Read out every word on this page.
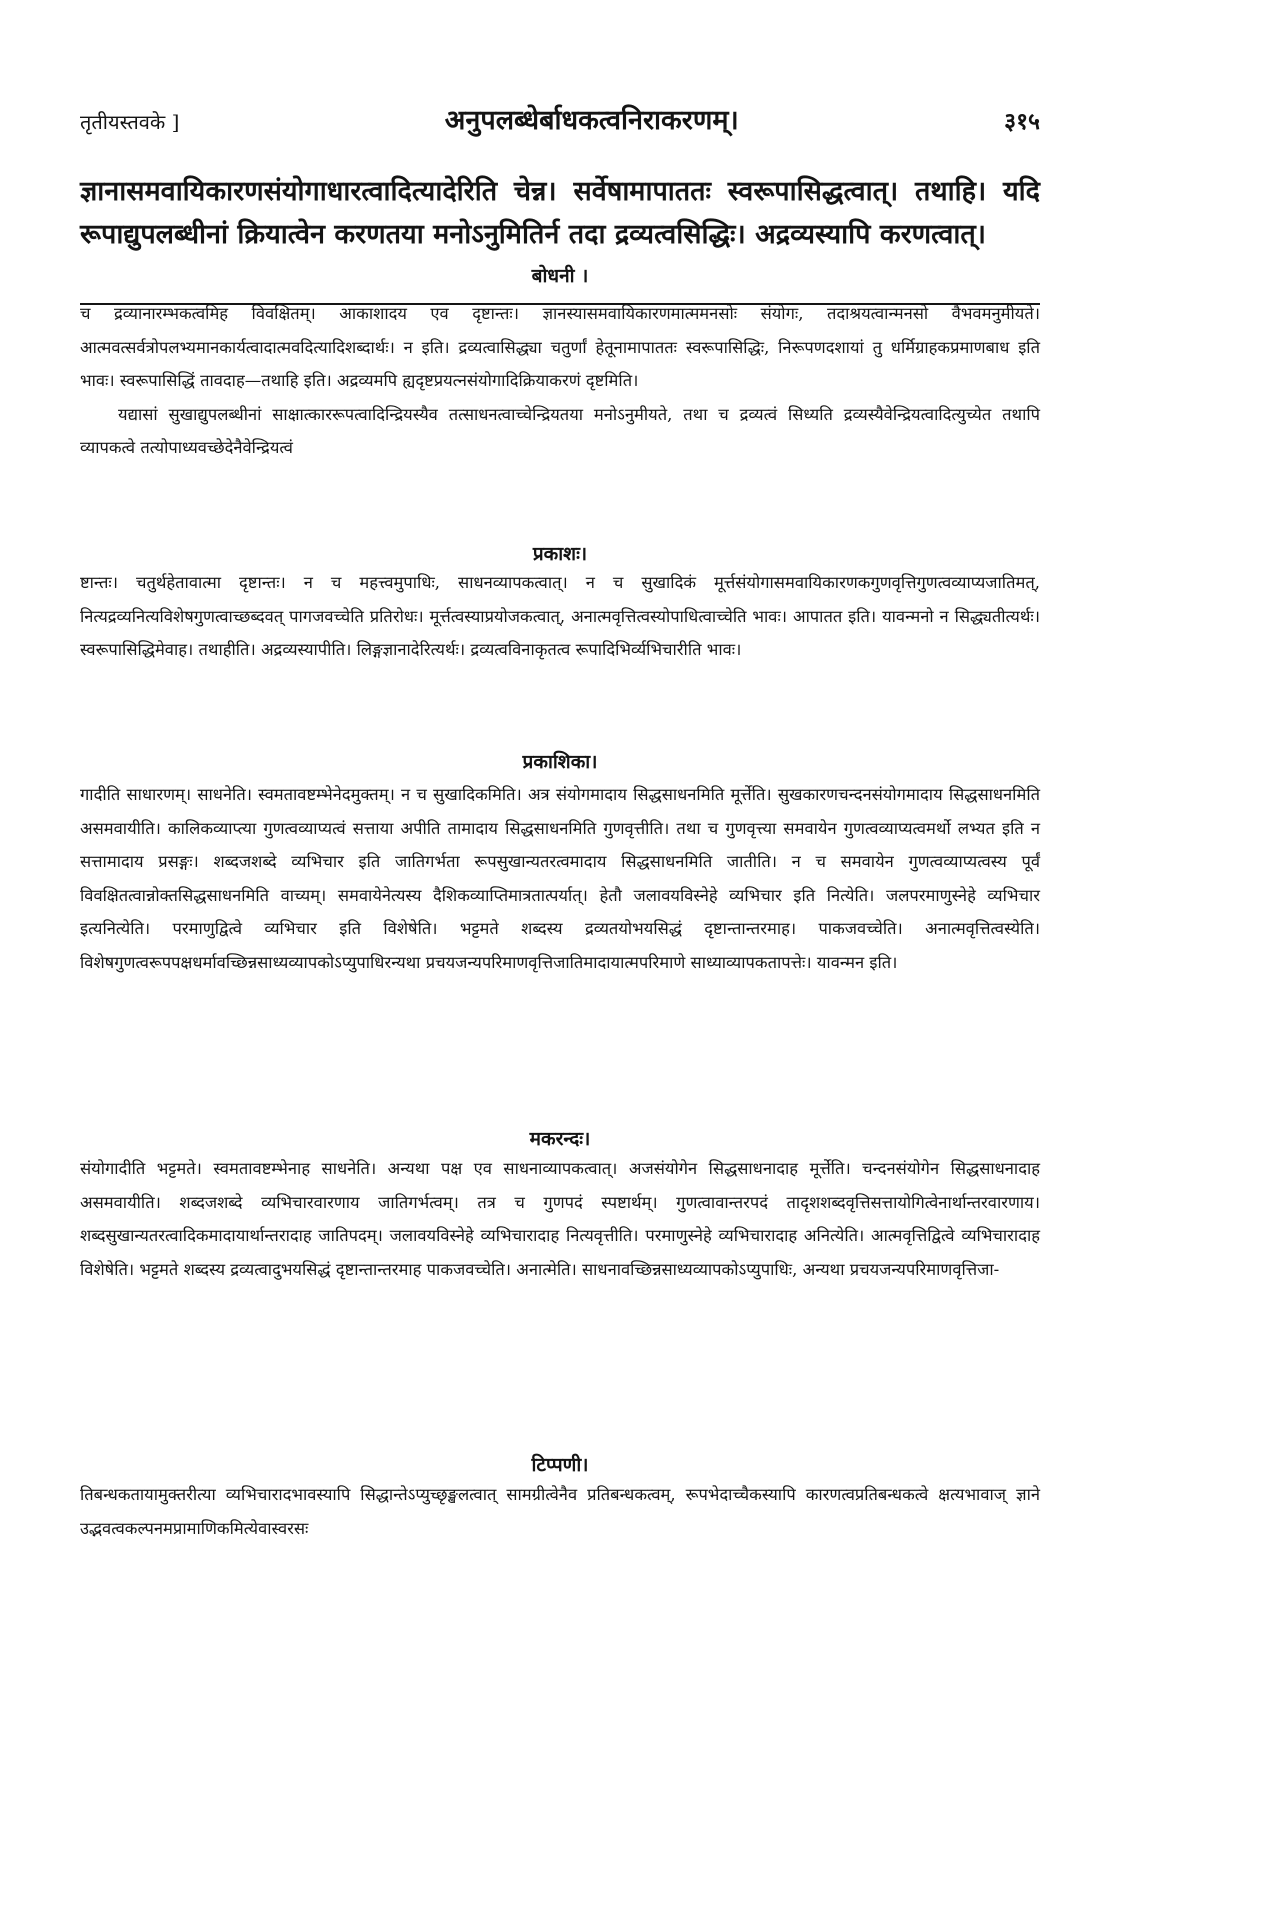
तृतीयस्तवके ]	अनुपलब्धेर्बाधकत्वनिराकरणम्।	३१५
ज्ञानासमवायिकारणसंयोगाधारत्वादित्यादेरिति चेन्न। सर्वेषामापाततः स्वरूपासिद्धत्वात्। तथाहि। यदि रूपाद्युपलब्धीनां क्रियात्वेन करणतया मनोऽनुमितिर्न तदा द्रव्यत्वसिद्धिः। अद्रव्यस्यापि करणत्वात्।
बोधनी ।

च द्रव्यानारम्भकत्वमिह विवक्षितम्। आकाशादय एव दृष्टान्तः। ज्ञानस्यासमवायिकारणमात्ममनसोः संयोगः, तदाश्रयत्वान्मनसो वैभवमनुमीयते। आत्मवत्सर्वत्रोपलभ्यमानकार्यत्वादात्मवदित्यादिशब्दार्थः। न इति। द्रव्यत्वासिद्ध्या चतुर्णां हेतूनामापाततः स्वरूपासिद्धिः, निरूपणदशायां तु धर्मिग्राहकप्रमाणबाध इति भावः। स्वरूपासिद्धिं तावदाह—तथाहि इति। अद्रव्यमपि ह्यदृष्टप्रयत्नसंयोगादिक्रियाकरणं दृष्टमिति।

यद्यासां सुखाद्युपलब्धीनां साक्षात्काररूपत्वादिन्द्रियस्यैव तत्साधनत्वाच्चेन्द्रियतया मनोऽनुमीयते, तथा च द्रव्यत्वं सिध्यति द्रव्यस्यैवेन्द्रियत्वादित्युच्येत तथापि व्यापकत्वे तत्योपाध्यवच्छेदेनैवेन्द्रियत्वं

प्रकाशः।

ष्टान्तः। चतुर्थहेतावात्मा दृष्टान्तः। न च महत्त्वमुपाधिः, साधनव्यापकत्वात्। न च सुखादिकं मूर्त्तसंयोगासमवायिकारणकगुणवृत्तिगुणत्वव्याप्यजातिमत्, नित्यद्रव्यनित्यविशेषगुणत्वाच्छब्दवत् पागजवच्चेति प्रतिरोधः। मूर्त्तत्वस्याप्रयोजकत्वात्, अनात्मवृत्तित्वस्योपाधित्वाच्चेति भावः। आपातत इति। यावन्मनो न सिद्ध्यतीत्यर्थः। स्वरूपासिद्धिमेवाह। तथाहीति। अद्रव्यस्यापीति। लिङ्गज्ञानादेरित्यर्थः। द्रव्यत्वविनाकृतत्व रूपादिभिर्व्यभिचारीति भावः।

प्रकाशिका।

गादीति साधारणम्। साधनेति। स्वमतावष्टम्भेनेदमुक्तम्। न च सुखादिकमिति। अत्र संयोगमादाय सिद्धसाधनमिति मूर्त्तेति। सुखकारणचन्दनसंयोगमादाय सिद्धसाधनमिति असमवायीति। कालिकव्याप्त्या गुणत्वव्याप्यत्वं सत्ताया अपीति तामादाय सिद्धसाधनमिति गुणवृत्तीति। तथा च गुणवृत्त्या समवायेन गुणत्वव्याप्यत्वमर्थो लभ्यत इति न सत्तामादाय प्रसङ्गः। शब्दजशब्दे व्यभिचार इति जातिगर्भता रूपसुखान्यतरत्वमादाय सिद्धसाधनमिति जातीति। न च समवायेन गुणत्वव्याप्यत्वस्य पूर्वं विवक्षितत्वान्नोक्तसिद्धसाधनमिति वाच्यम्। समवायेनेत्यस्य दैशिकव्याप्तिमात्रतात्पर्यात्। हेतौ जलावयविस्नेहे व्यभिचार इति नित्येति। जलपरमाणुस्नेहे व्यभिचार इत्यनित्येति। परमाणुद्वित्वे व्यभिचार इति विशेषेति। भट्टमते शब्दस्य द्रव्यतयोभयसिद्धं दृष्टान्तान्तरमाह। पाकजवच्चेति। अनात्मवृत्तित्वस्येति। विशेषगुणत्वरूपपक्षधर्मावच्छिन्नसाध्यव्यापकोऽप्युपाधिरन्यथा प्रचयजन्यपरिमाणवृत्तिजातिमादायात्मपरिमाणे साध्याव्यापकतापत्तेः। यावन्मन इति।

मकरन्दः।

संयोगादीति भट्टमते। स्वमतावष्टम्भेनाह साधनेति। अन्यथा पक्ष एव साधनाव्यापकत्वात्। अजसंयोगेन सिद्धसाधनादाह मूर्त्तेति। चन्दनसंयोगेन सिद्धसाधनादाह असमवायीति। शब्दजशब्दे व्यभिचारवारणाय जातिगर्भत्वम्। तत्र च गुणपदं स्पष्टार्थम्। गुणत्वावान्तरपदं तादृशशब्दवृत्तिसत्तायोगित्वेनार्थान्तरवारणाय। शब्दसुखान्यतरत्वादिकमादायार्थान्तरादाह जातिपदम्। जलावयविस्नेहे व्यभिचारादाह नित्यवृत्तीति। परमाणुस्नेहे व्यभिचारादाह अनित्येति। आत्मवृत्तिद्वित्वे व्यभिचारादाह विशेषेति। भट्टमते शब्दस्य द्रव्यत्वादुभयसिद्धं दृष्टान्तान्तरमाह पाकजवच्चेति। अनात्मेति। साधनावच्छिन्नसाध्यव्यापकोऽप्युपाधिः, अन्यथा प्रचयजन्यपरिमाणवृत्तिजा-

टिप्पणी।

तिबन्धकतायामुक्तरीत्या व्यभिचारादभावस्यापि सिद्धान्तेऽप्युच्छृङ्खलत्वात् सामग्रीत्वेनैव प्रतिबन्धकत्वम्, रूपभेदाच्चैकस्यापि कारणत्वप्रतिबन्धकत्वे क्षत्यभावाज् ज्ञाने उद्भवत्वकल्पनमप्रामाणिकमित्येवास्वरसः
